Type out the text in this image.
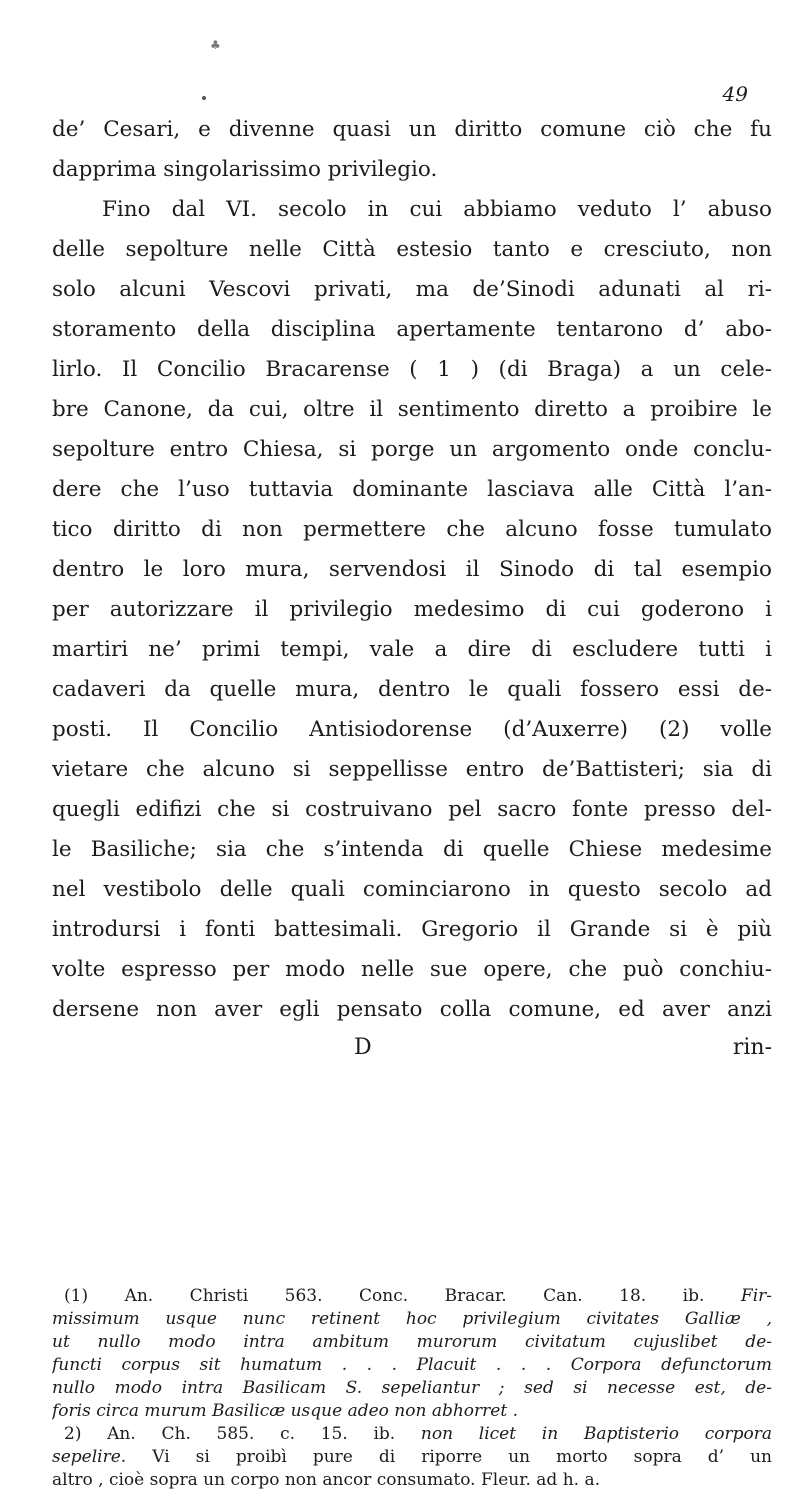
♣
49
de’ Cesari, e divenne quasi un diritto comune ciò che fu
dapprima singolarissimo privilegio.
Fino dal VI. secolo in cui abbiamo veduto l’ abuso
delle sepolture nelle Città estesio tanto e cresciuto, non
solo alcuni Vescovi privati, ma de’Sinodi adunati al ri-
storamento della disciplina apertamente tentarono d’ abo-
lirlo. Il Concilio Bracarense ( 1 ) (di Braga) a un cele-
bre Canone, da cui, oltre il sentimento diretto a proibire le
sepolture entro Chiesa, si porge un argomento onde conclu-
dere che l’uso tuttavia dominante lasciava alle Città l’an-
tico diritto di non permettere che alcuno fosse tumulato
dentro le loro mura, servendosi il Sinodo di tal esempio
per autorizzare il privilegio medesimo di cui goderono i
martiri ne’ primi tempi, vale a dire di escludere tutti i
cadaveri da quelle mura, dentro le quali fossero essi de-
posti. Il Concilio Antisiodorense (d’Auxerre) (2) volle
vietare che alcuno si seppellisse entro de’Battisteri; sia di
quegli edifizi che si costruivano pel sacro fonte presso del-
le Basiliche; sia che s’intenda di quelle Chiese medesime
nel vestibolo delle quali cominciarono in questo secolo ad
introdursi i fonti battesimali. Gregorio il Grande si è più
volte espresso per modo nelle sue opere, che può conchiu-
dersene non aver egli pensato colla comune, ed aver anzi
D	rin-
(1) An. Christi 563. Conc. Bracar. Can. 18. ib. Fir-
missimum usque nunc retinent hoc privilegium civitates Galliæ ,
ut nullo modo intra ambitum murorum civitatum cujuslibet de-
functi corpus sit humatum . . . Placuit . . . Corpora defunctorum
nullo modo intra Basilicam S. sepeliantur ; sed si necesse est, de-
foris circa murum Basilicæ usque adeo non abhorret .
2) An. Ch. 585. c. 15. ib. non licet in Baptisterio corpora
sepelire. Vi si proibì pure di riporre un morto sopra d’ un
altro , cioè sopra un corpo non ancor consumato. Fleur. ad h. a.
